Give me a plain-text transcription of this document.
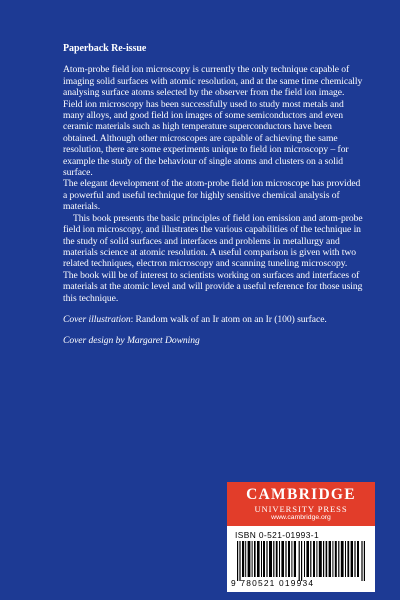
Paperback Re-issue

Atom-probe field ion microscopy is currently the only technique capable of imaging solid surfaces with atomic resolution, and at the same time chemically analysing surface atoms selected by the observer from the field ion image. Field ion microscopy has been successfully used to study most metals and many alloys, and good field ion images of some semiconductors and even ceramic materials such as high temperature superconductors have been obtained. Although other microscopes are capable of achieving the same resolution, there are some experiments unique to field ion microscopy – for example the study of the behaviour of single atoms and clusters on a solid surface.

The elegant development of the atom-probe field ion microscope has provided a powerful and useful technique for highly sensitive chemical analysis of materials.

This book presents the basic principles of field ion emission and atom-probe field ion microscopy, and illustrates the various capabilities of the technique in the study of solid surfaces and interfaces and problems in metallurgy and materials science at atomic resolution. A useful comparison is given with two related techniques, electron microscopy and scanning tuneling microscopy. The book will be of interest to scientists working on surfaces and interfaces of materials at the atomic level and will provide a useful reference for those using this technique.

Cover illustration: Random walk of an Ir atom on an Ir (100) surface.

Cover design by Margaret Downing

CAMBRIDGE
UNIVERSITY PRESS
www.cambridge.org
ISBN 0-521-01993-1
9 780521 019934
